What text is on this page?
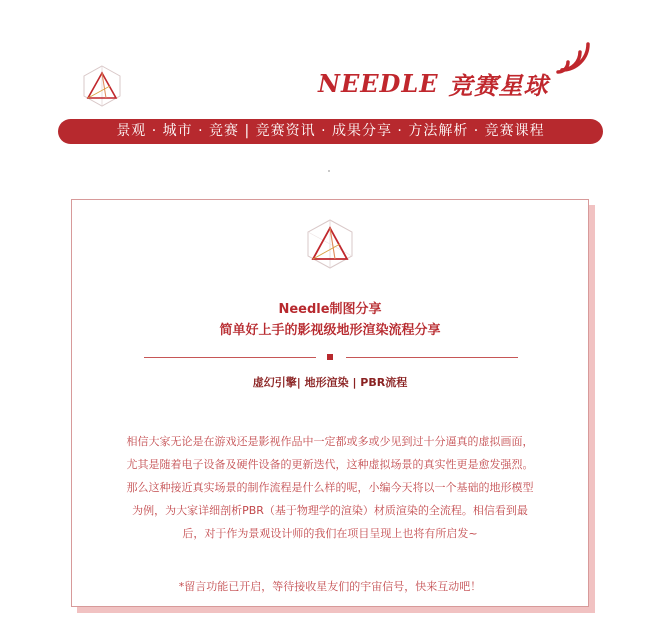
NEEDLE 竞赛星球
景观 · 城市 · 竞赛 | 竞赛资讯 · 成果分享 · 方法解析 · 竞赛课程
Needle制图分享
简单好上手的影视级地形渲染流程分享
虚幻引擎| 地形渲染 | PBR流程

相信大家无论是在游戏还是影视作品中一定都或多或少见到过十分逼真的虚拟画面，
尤其是随着电子设备及硬件设备的更新迭代，这种虚拟场景的真实性更是愈发强烈。
那么这种接近真实场景的制作流程是什么样的呢，小编今天将以一个基础的地形模型
为例，为大家详细剖析PBR（基于物理学的渲染）材质渲染的全流程。相信看到最
后，对于作为景观设计师的我们在项目呈现上也将有所启发~

*留言功能已开启，等待接收星友们的宇宙信号，快来互动吧！
